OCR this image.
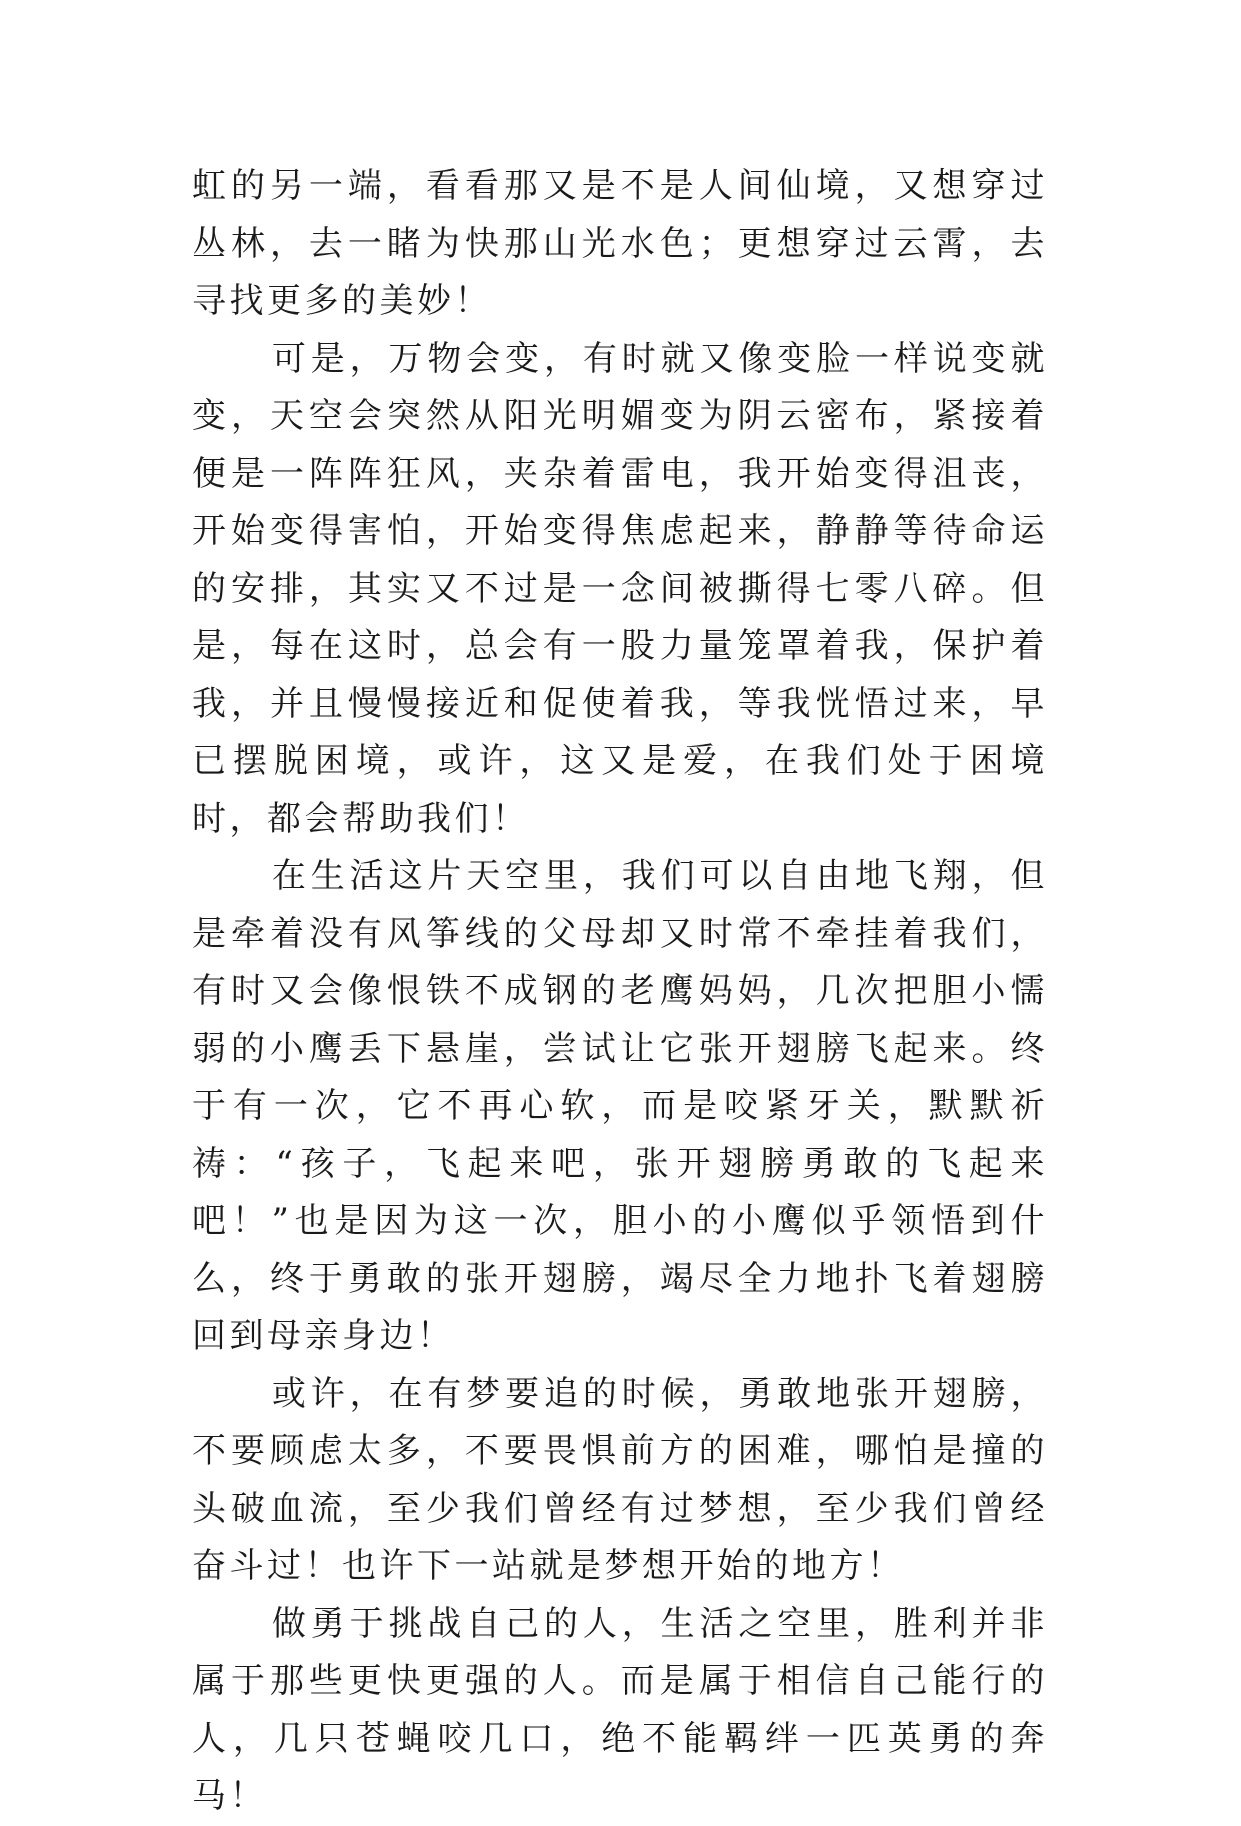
虹的另一端，看看那又是不是人间仙境，又想穿过丛林，去一睹为快那山光水色；更想穿过云霄，去寻找更多的美妙！

可是，万物会变，有时就又像变脸一样说变就变，天空会突然从阳光明媚变为阴云密布，紧接着便是一阵阵狂风，夹杂着雷电，我开始变得沮丧，开始变得害怕，开始变得焦虑起来，静静等待命运的安排，其实又不过是一念间被撕得七零八碎。但是，每在这时，总会有一股力量笼罩着我，保护着我，并且慢慢接近和促使着我，等我恍悟过来，早已摆脱困境，或许，这又是爱，在我们处于困境时，都会帮助我们！

在生活这片天空里，我们可以自由地飞翔，但是牵着没有风筝线的父母却又时常不牵挂着我们，有时又会像恨铁不成钢的老鹰妈妈，几次把胆小懦弱的小鹰丢下悬崖，尝试让它张开翅膀飞起来。终于有一次，它不再心软，而是咬紧牙关，默默祈祷：“孩子，飞起来吧，张开翅膀勇敢的飞起来吧！”也是因为这一次，胆小的小鹰似乎领悟到什么，终于勇敢的张开翅膀，竭尽全力地扑飞着翅膀回到母亲身边！

或许，在有梦要追的时候，勇敢地张开翅膀，不要顾虑太多，不要畏惧前方的困难，哪怕是撞的头破血流，至少我们曾经有过梦想，至少我们曾经奋斗过！也许下一站就是梦想开始的地方！

做勇于挑战自己的人，生活之空里，胜利并非属于那些更快更强的人。而是属于相信自己能行的人，几只苍蝇咬几口，绝不能羁绊一匹英勇的奔马！
